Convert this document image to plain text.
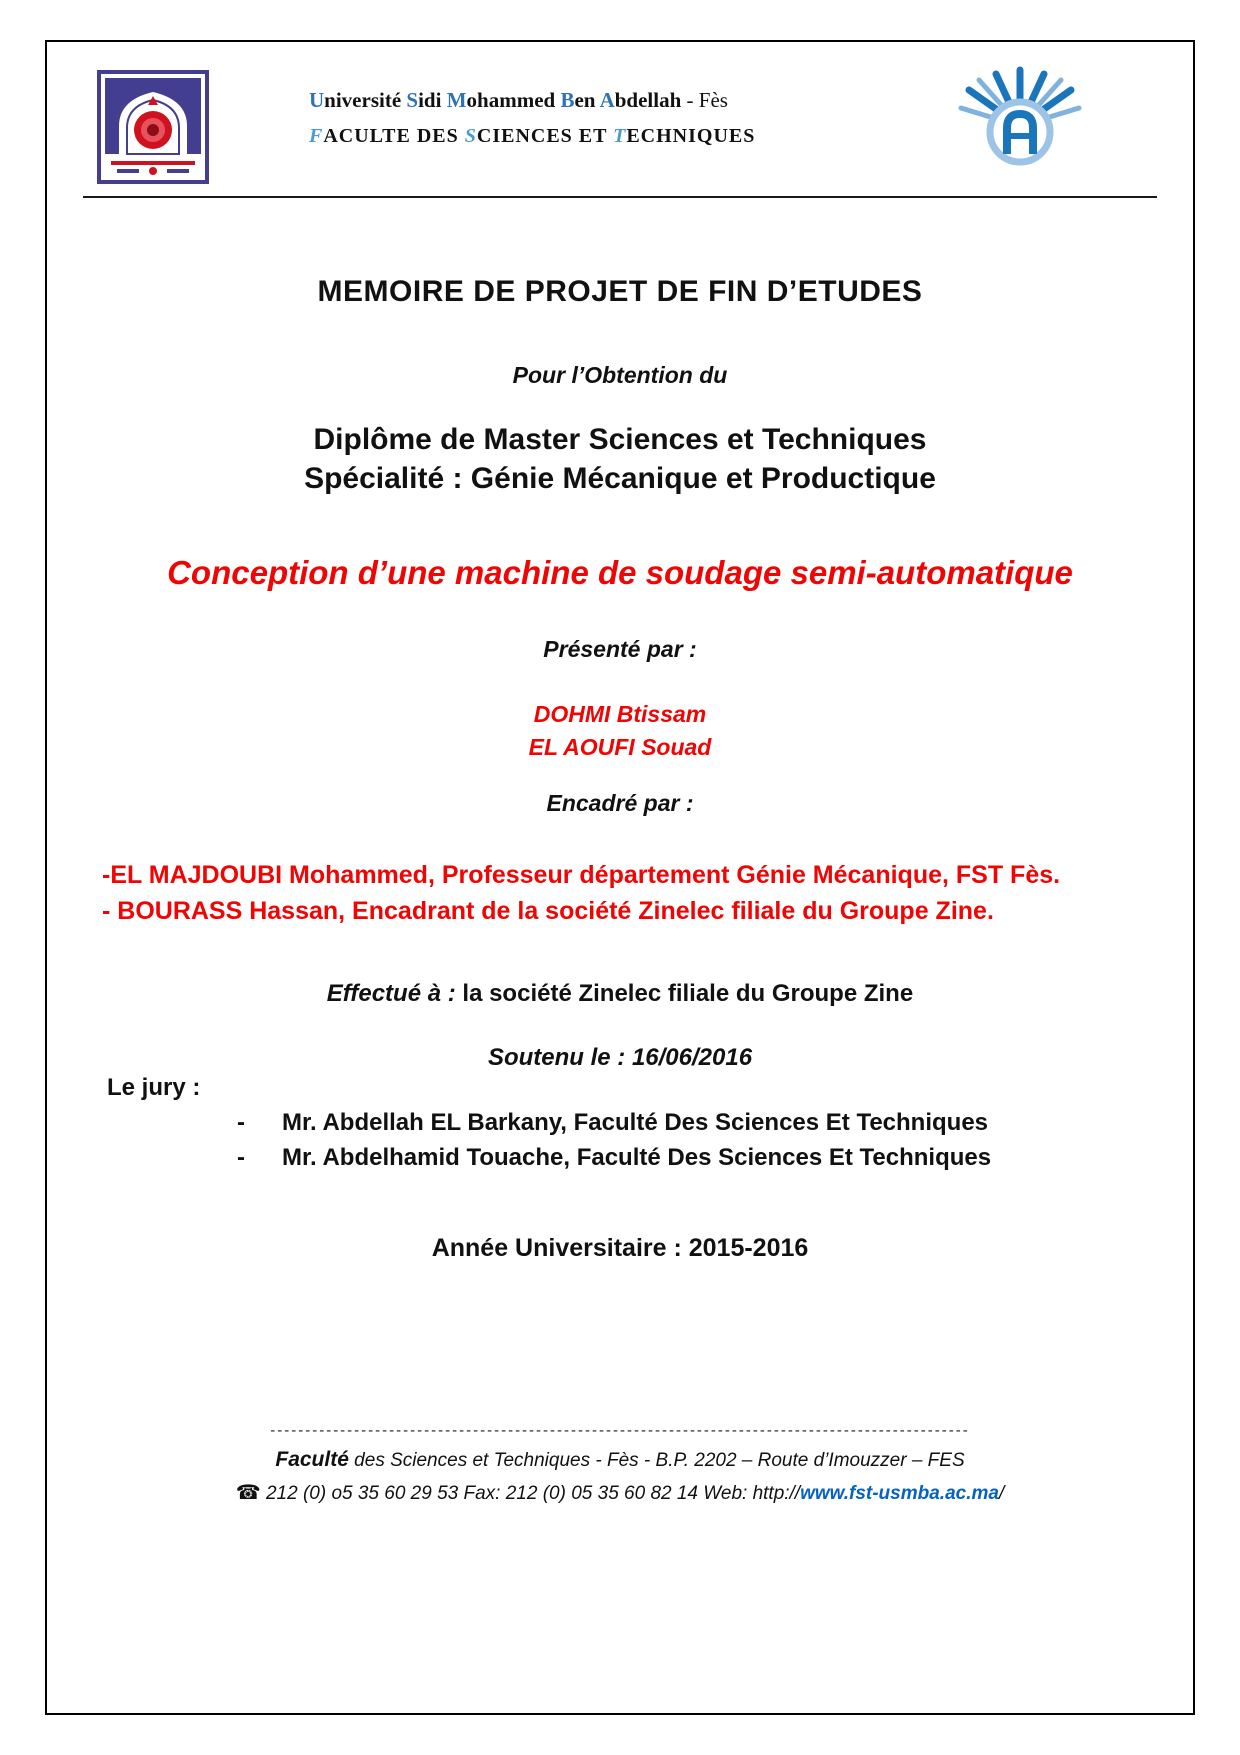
Université Sidi Mohammed Ben Abdellah - Fès
FACULTE DES SCIENCES ET TECHNIQUES
MEMOIRE DE PROJET DE FIN D’ETUDES
Pour l’Obtention du
Diplôme de Master Sciences et Techniques
Spécialité : Génie Mécanique et Productique
Conception d’une machine de soudage semi-automatique
Présenté par :
DOHMI Btissam
EL AOUFI Souad
Encadré par :
-EL MAJDOUBI Mohammed, Professeur département Génie Mécanique, FST Fès.
- BOURASS Hassan, Encadrant de la société Zinelec filiale du Groupe Zine.
Effectué à : la société Zinelec filiale du Groupe Zine
Soutenu le : 16/06/2016
Le jury :
- Mr. Abdellah EL Barkany, Faculté Des Sciences Et Techniques
- Mr. Abdelhamid Touache, Faculté Des Sciences Et Techniques
Année Universitaire : 2015-2016
----------------------------------------------------------------------------------------------------
Faculté des Sciences et Techniques - Fès - B.P. 2202 – Route d’Imouzzer – FES
☎ 212 (0) o5 35 60 29 53 Fax: 212 (0) 05 35 60 82 14 Web: http://www.fst-usmba.ac.ma/
